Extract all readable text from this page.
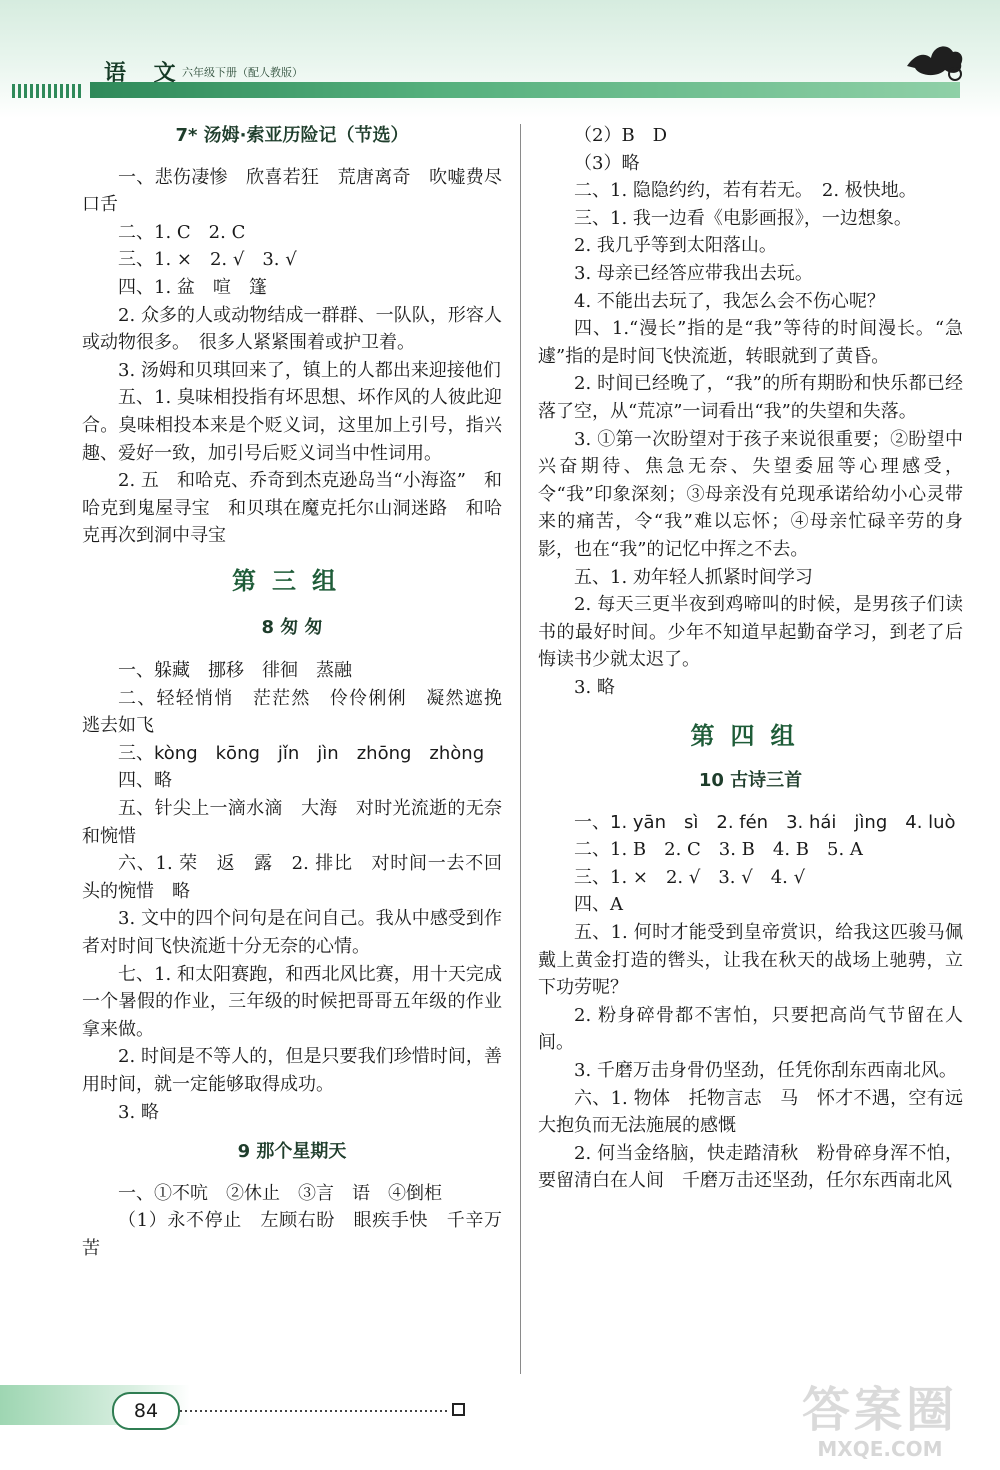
语 文
六年级下册（配人教版）
7* 汤姆·索亚历险记（节选）
一、悲伤凄惨　欣喜若狂　荒唐离奇　吹嘘费尽口舌
二、1. C　2. C
三、1. ×　2. √　3. √
四、1. 盆　喧　篷
2. 众多的人或动物结成一群群、一队队，形容人或动物很多。　很多人紧紧围着或护卫着。
3. 汤姆和贝琪回来了，镇上的人都出来迎接他们
五、1. 臭味相投指有坏思想、坏作风的人彼此迎合。臭味相投本来是个贬义词，这里加上引号，指兴趣、爱好一致，加引号后贬义词当中性词用。
2. 五　和哈克、乔奇到杰克逊岛当“小海盗”　和哈克到鬼屋寻宝　和贝琪在魔克托尔山洞迷路　和哈克再次到洞中寻宝
第三组
8 匆 匆
一、躲藏　挪移　徘徊　蒸融
二、轻轻悄悄　茫茫然　伶伶俐俐　凝然遮挽　逃去如飞
三、kòng　kōng　jǐn　jìn　zhōng　zhòng
四、略
五、针尖上一滴水滴　大海　对时光流逝的无奈和惋惜
六、1. 荣　返　露　2. 排比　对时间一去不回头的惋惜　略
3. 文中的四个问句是在问自己。我从中感受到作者对时间飞快流逝十分无奈的心情。
七、1. 和太阳赛跑，和西北风比赛，用十天完成一个暑假的作业，三年级的时候把哥哥五年级的作业拿来做。
2. 时间是不等人的，但是只要我们珍惜时间，善用时间，就一定能够取得成功。
3. 略
9 那个星期天
一、①不吭　②休止　③言　语　④倒柜
（1）永不停止　左顾右盼　眼疾手快　千辛万苦
（2）B　D
（3）略
二、1. 隐隐约约，若有若无。　2. 极快地。
三、1. 我一边看《电影画报》，一边想象。
2. 我几乎等到太阳落山。
3. 母亲已经答应带我出去玩。
4. 不能出去玩了，我怎么会不伤心呢？
四、1.“漫长”指的是“我”等待的时间漫长。“急遽”指的是时间飞快流逝，转眼就到了黄昏。
2. 时间已经晚了，“我”的所有期盼和快乐都已经落了空，从“荒凉”一词看出“我”的失望和失落。
3. ①第一次盼望对于孩子来说很重要；②盼望中兴奋期待、焦急无奈、失望委屈等心理感受，令“我”印象深刻；③母亲没有兑现承诺给幼小心灵带来的痛苦，令“我”难以忘怀；④母亲忙碌辛劳的身影，也在“我”的记忆中挥之不去。
五、1. 劝年轻人抓紧时间学习
2. 每天三更半夜到鸡啼叫的时候，是男孩子们读书的最好时间。少年不知道早起勤奋学习，到老了后悔读书少就太迟了。
3. 略
第四组
10 古诗三首
一、1. yān　sì　2. fén　3. hái　jìng　4. luò
二、1. B　2. C　3. B　4. B　5. A
三、1. ×　2. √　3. √　4. √
四、A
五、1. 何时才能受到皇帝赏识，给我这匹骏马佩戴上黄金打造的辔头，让我在秋天的战场上驰骋，立下功劳呢？
2. 粉身碎骨都不害怕，只要把高尚气节留在人间。
3. 千磨万击身骨仍坚劲，任凭你刮东西南北风。
六、1. 物体　托物言志　马　怀才不遇，空有远大抱负而无法施展的感慨
2. 何当金络脑，快走踏清秋　粉骨碎身浑不怕，要留清白在人间　千磨万击还坚劲，任尔东西南北风
84	答案圈
MXQE.COM
